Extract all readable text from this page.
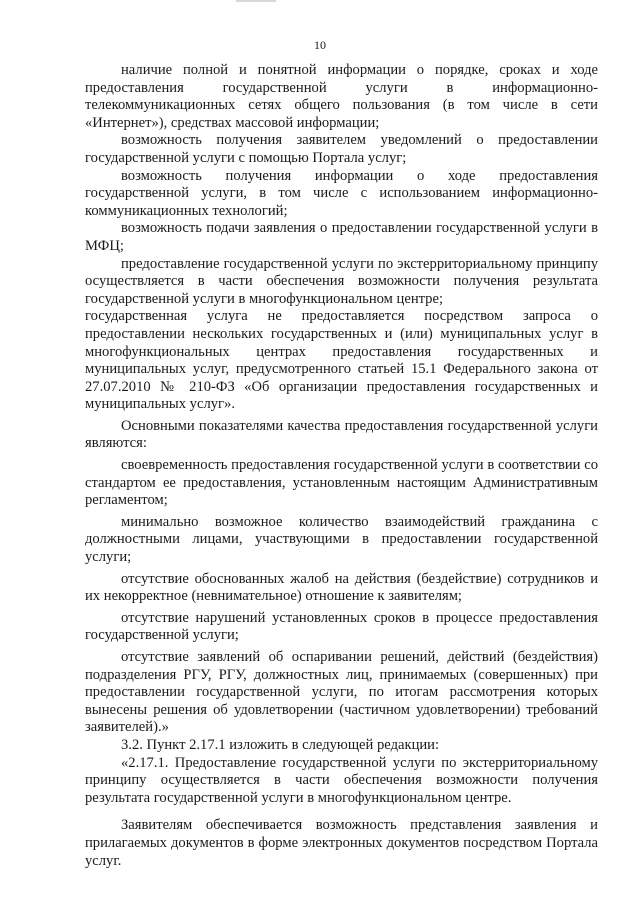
10

наличие полной и понятной информации о порядке, сроках и ходе предоставления государственной услуги в информационно-телекоммуникационных сетях общего пользования (в том числе в сети «Интернет»), средствах массовой информации;

возможность получения заявителем уведомлений о предоставлении государственной услуги с помощью Портала услуг;

возможность получения информации о ходе предоставления государственной услуги, в том числе с использованием информационно-коммуникационных технологий;

возможность подачи заявления о предоставлении государственной услуги в МФЦ;

предоставление государственной услуги по экстерриториальному принципу осуществляется в части обеспечения возможности получения результата государственной услуги в многофункциональном центре;

государственная услуга не предоставляется посредством запроса о предоставлении нескольких государственных и (или) муниципальных услуг в многофункциональных центрах предоставления государственных и муниципальных услуг, предусмотренного статьей 15.1 Федерального закона от 27.07.2010 № 210-ФЗ «Об организации предоставления государственных и муниципальных услуг».

Основными показателями качества предоставления государственной услуги являются:

своевременность предоставления государственной услуги в соответствии со стандартом ее предоставления, установленным настоящим Административным регламентом;

минимально возможное количество взаимодействий гражданина с должностными лицами, участвующими в предоставлении государственной услуги;

отсутствие обоснованных жалоб на действия (бездействие) сотрудников и их некорректное (невнимательное) отношение к заявителям;

отсутствие нарушений установленных сроков в процессе предоставления государственной услуги;

отсутствие заявлений об оспаривании решений, действий (бездействия) подразделения РГУ, РГУ, должностных лиц, принимаемых (совершенных) при предоставлении государственной услуги, по итогам рассмотрения которых вынесены решения об удовлетворении (частичном удовлетворении) требований заявителей).»

3.2. Пункт 2.17.1 изложить в следующей редакции:

«2.17.1. Предоставление государственной услуги по экстерриториальному принципу осуществляется в части обеспечения возможности получения результата государственной услуги в многофункциональном центре.

Заявителям обеспечивается возможность представления заявления и прилагаемых документов в форме электронных документов посредством Портала услуг.
